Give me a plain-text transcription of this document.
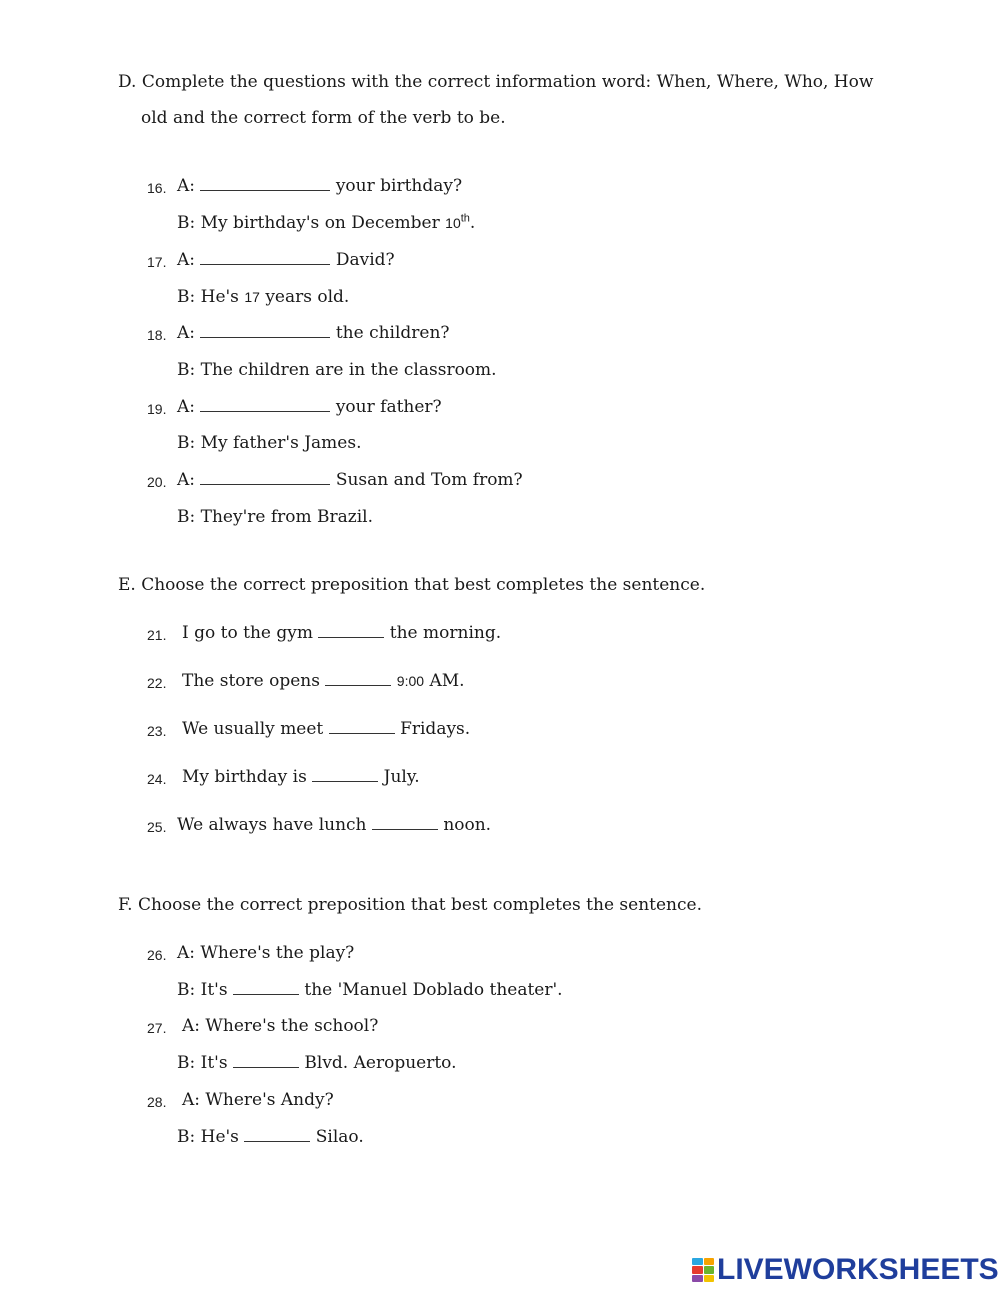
D. Complete the questions with the correct information word: When, Where, Who, How
old and the correct form of the verb to be.
16. A:	your birthday?
B: My birthday's on December 10th.
17. A:	David?
B: He's 17 years old.
18. A:	the children?
B: The children are in the classroom.
19. A:	your father?
B: My father's James.
20. A:	Susan and Tom from?
B: They're from Brazil.
E. Choose the correct preposition that best completes the sentence.
21. I go to the gym	the morning.
22. The store opens	9:00 AM.
23. We usually meet	Fridays.
24. My birthday is	July.
25. We always have lunch	noon.
F. Choose the correct preposition that best completes the sentence.
26. A: Where's the play?
B: It's	the 'Manuel Doblado theater'.
27. A: Where's the school?
B: It's	Blvd. Aeropuerto.
28. A: Where's Andy?
B: He's	Silao.
LIVEWORKSHEETS
